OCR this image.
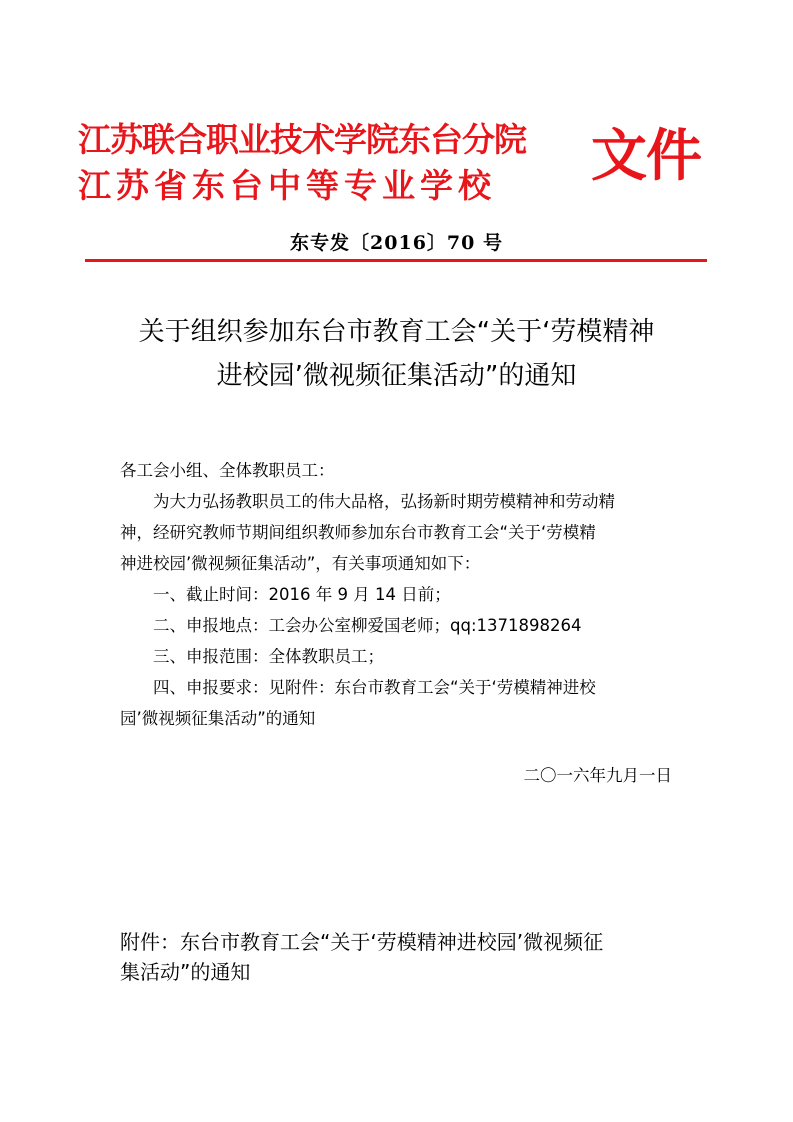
江苏联合职业技术学院东台分院
江苏省东台中等专业学校 文件
东专发〔2016〕70 号
关于组织参加东台市教育工会“关于‘劳模精神
进校园’微视频征集活动”的通知
各工会小组、全体教职员工：
为大力弘扬教职员工的伟大品格，弘扬新时期劳模精神和劳动精
神，经研究教师节期间组织教师参加东台市教育工会“关于‘劳模精
神进校园’微视频征集活动”，有关事项通知如下：
一、截止时间：2016 年 9 月 14 日前；
二、申报地点：工会办公室柳爱国老师；qq:1371898264
三、申报范围：全体教职员工；
四、申报要求：见附件：东台市教育工会“关于‘劳模精神进校
园’微视频征集活动”的通知
二〇一六年九月一日
附件：东台市教育工会“关于‘劳模精神进校园’微视频征
集活动”的通知
